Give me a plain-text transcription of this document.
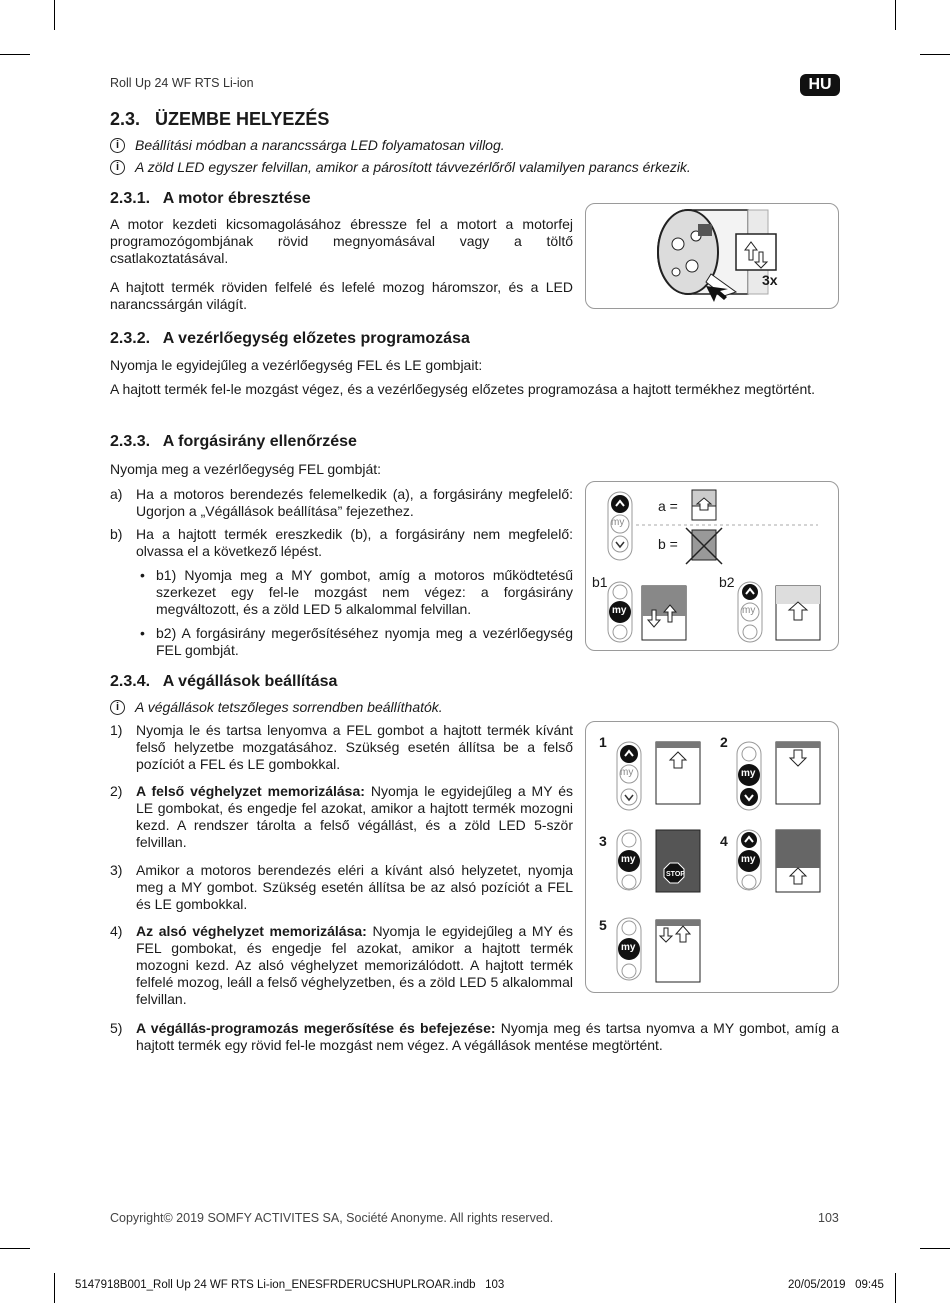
Roll Up 24 WF RTS Li-ion	HU
2.3.   ÜZEMBE HELYEZÉS
i	Beállítási módban a narancssárga LED folyamatosan villog.
i	A zöld LED egyszer felvillan, amikor a párosított távvezérlőről valamilyen parancs érkezik.
2.3.1.   A motor ébresztése

A motor kezdeti kicsomagolásához ébressze fel a motort a motorfej programozógombjának rövid megnyomásával vagy a töltő csatlakoztatásával.

A hajtott termék röviden felfelé és lefelé mozog háromszor, és a LED narancssárgán világít.

3x
2.3.2.   A vezérlőegység előzetes programozása

Nyomja le egyidejűleg a vezérlőegység FEL és LE gombjait:

A hajtott termék fel-le mozgást végez, és a vezérlőegység előzetes programozása a hajtott termékhez megtörtént.

2.3.3.   A forgásirány ellenőrzése

Nyomja meg a vezérlőegység FEL gombját:

a) Ha a motoros berendezés felemelkedik (a), a forgásirány megfelelő: Ugorjon a „Végállások beállítása” fejezethez.
b) Ha a hajtott termék ereszkedik (b), a forgásirány nem megfelelő: olvassa el a következő lépést.
• b1) Nyomja meg a MY gombot, amíg a motoros működtetésű szerkezet egy fel-le mozgást nem végez: a forgásirány megváltozott, és a zöld LED 5 alkalommal felvillan.
• b2) A forgásirány megerősítéséhez nyomja meg a vezérlőegység FEL gombját.
my
a =
b =
b1	b2
my	my
2.3.4.   A végállások beállítása
i	A végállások tetszőleges sorrendben beállíthatók.
1) Nyomja le és tartsa lenyomva a FEL gombot a hajtott termék kívánt felső helyzetbe mozgatásához. Szükség esetén állítsa be a felső pozíciót a FEL és LE gombokkal.
2) A felső véghelyzet memorizálása: Nyomja le egyidejűleg a MY és LE gombokat, és engedje fel azokat, amikor a hajtott termék mozogni kezd. A rendszer tárolta a felső végállást, és a zöld LED 5-ször felvillan.
3) Amikor a motoros berendezés eléri a kívánt alsó helyzetet, nyomja meg a MY gombot. Szükség esetén állítsa be az alsó pozíciót a FEL és LE gombokkal.
4) Az alsó véghelyzet memorizálása: Nyomja le egyidejűleg a MY és FEL gombokat, és engedje fel azokat, amikor a hajtott termék mozogni kezd. Az alsó véghelyzet memorizálódott. A hajtott termék felfelé mozog, leáll a felső véghelyzetben, és a zöld LED 5 alkalommal felvillan.
5) A végállás-programozás megerősítése és befejezése: Nyomja meg és tartsa nyomva a MY gombot, amíg a hajtott termék egy rövid fel-le mozgást nem végez. A végállások mentése megtörtént.
1	2
3	4
5
my	my
my	my
my
STOP
Copyright© 2019 SOMFY ACTIVITES SA, Société Anonyme. All rights reserved.	103
5147918B001_Roll Up 24 WF RTS Li-ion_ENESFRDERUCSHUPLROAR.indb   103	20/05/2019   09:45
